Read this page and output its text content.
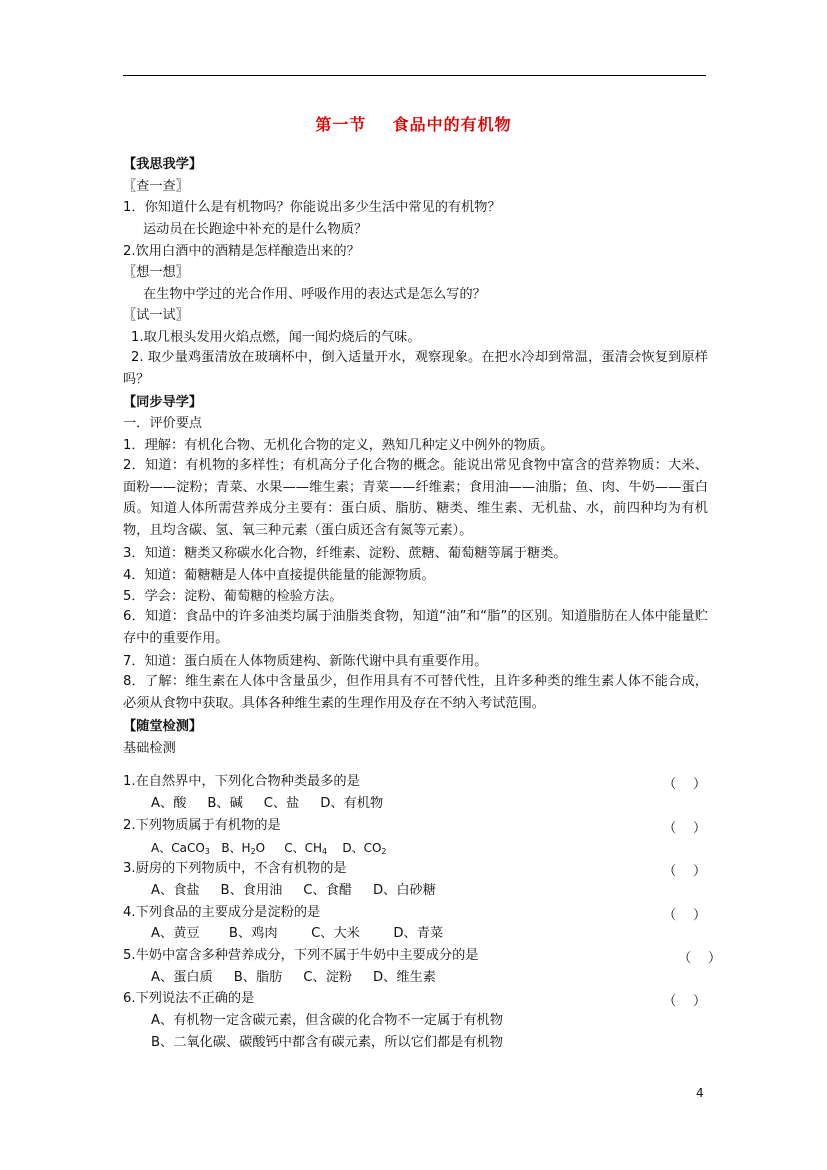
第一节    食品中的有机物
【我思我学】
〖查一查〗
1．你知道什么是有机物吗？你能说出多少生活中常见的有机物？
运动员在长跑途中补充的是什么物质？
2.饮用白酒中的酒精是怎样酿造出来的？
〖想一想〗
在生物中学过的光合作用、呼吸作用的表达式是怎么写的？
〖试一试〗
1.取几根头发用火焰点燃，闻一闻灼烧后的气味。
2. 取少量鸡蛋清放在玻璃杯中，倒入适量开水，观察现象。在把水冷却到常温，蛋清会恢复到原样吗？
【同步导学】
一．评价要点
1．理解：有机化合物、无机化合物的定义，熟知几种定义中例外的物质。
2．知道：有机物的多样性；有机高分子化合物的概念。能说出常见食物中富含的营养物质：大米、面粉——淀粉；青菜、水果——维生素；青菜——纤维素；食用油——油脂；鱼、肉、牛奶——蛋白质。知道人体所需营养成分主要有：蛋白质、脂肪、糖类、维生素、无机盐、水，前四种均为有机物，且均含碳、氢、氧三种元素（蛋白质还含有氮等元素）。
3．知道：糖类又称碳水化合物，纤维素、淀粉、蔗糖、葡萄糖等属于糖类。
4．知道：葡糖糖是人体中直接提供能量的能源物质。
5．学会：淀粉、葡萄糖的检验方法。
6．知道：食品中的许多油类均属于油脂类食物，知道“油”和“脂”的区别。知道脂肪在人体中能量贮存中的重要作用。
7．知道：蛋白质在人体物质建构、新陈代谢中具有重要作用。
8．了解：维生素在人体中含量虽少，但作用具有不可替代性，且许多种类的维生素人体不能合成，必须从食物中获取。具体各种维生素的生理作用及存在不纳入考试范围。
【随堂检测】
基础检测
1.在自然界中，下列化合物种类最多的是	（    ）
A、酸     B、碱     C、盐     D、有机物
2.下列物质属于有机物的是	（    ）
A、CaCO$_3$   B、$H_2O$     C、$CH_4$    D、$CO_2$
3.厨房的下列物质中，不含有机物的是	（    ）
A、食盐     B、食用油     C、食醋     D、白砂糖
4.下列食品的主要成分是淀粉的是	（    ）
A、黄豆       B、鸡肉        C、大米        D、青菜
5.牛奶中富含多种营养成分，下列不属于牛奶中主要成分的是	（    ）
A、蛋白质     B、脂肪     C、淀粉     D、维生素
6.下列说法不正确的是	（    ）
A、有机物一定含碳元素，但含碳的化合物不一定属于有机物
B、二氧化碳、碳酸钙中都含有碳元素，所以它们都是有机物
4
